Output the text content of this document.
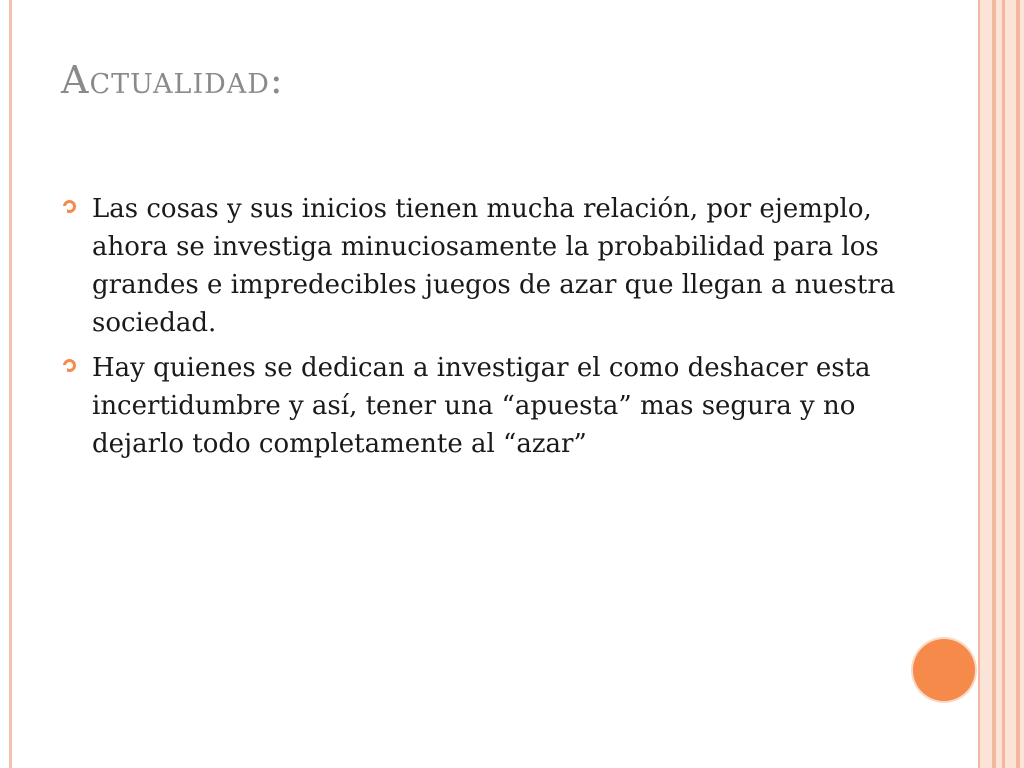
Actualidad:
Las cosas y sus inicios tienen mucha relación, por ejemplo, ahora se investiga minuciosamente la probabilidad para los grandes e impredecibles juegos de azar que llegan a nuestra sociedad.
Hay quienes se dedican a investigar el como deshacer esta incertidumbre y así, tener una “apuesta” mas segura y no dejarlo todo completamente al “azar”
